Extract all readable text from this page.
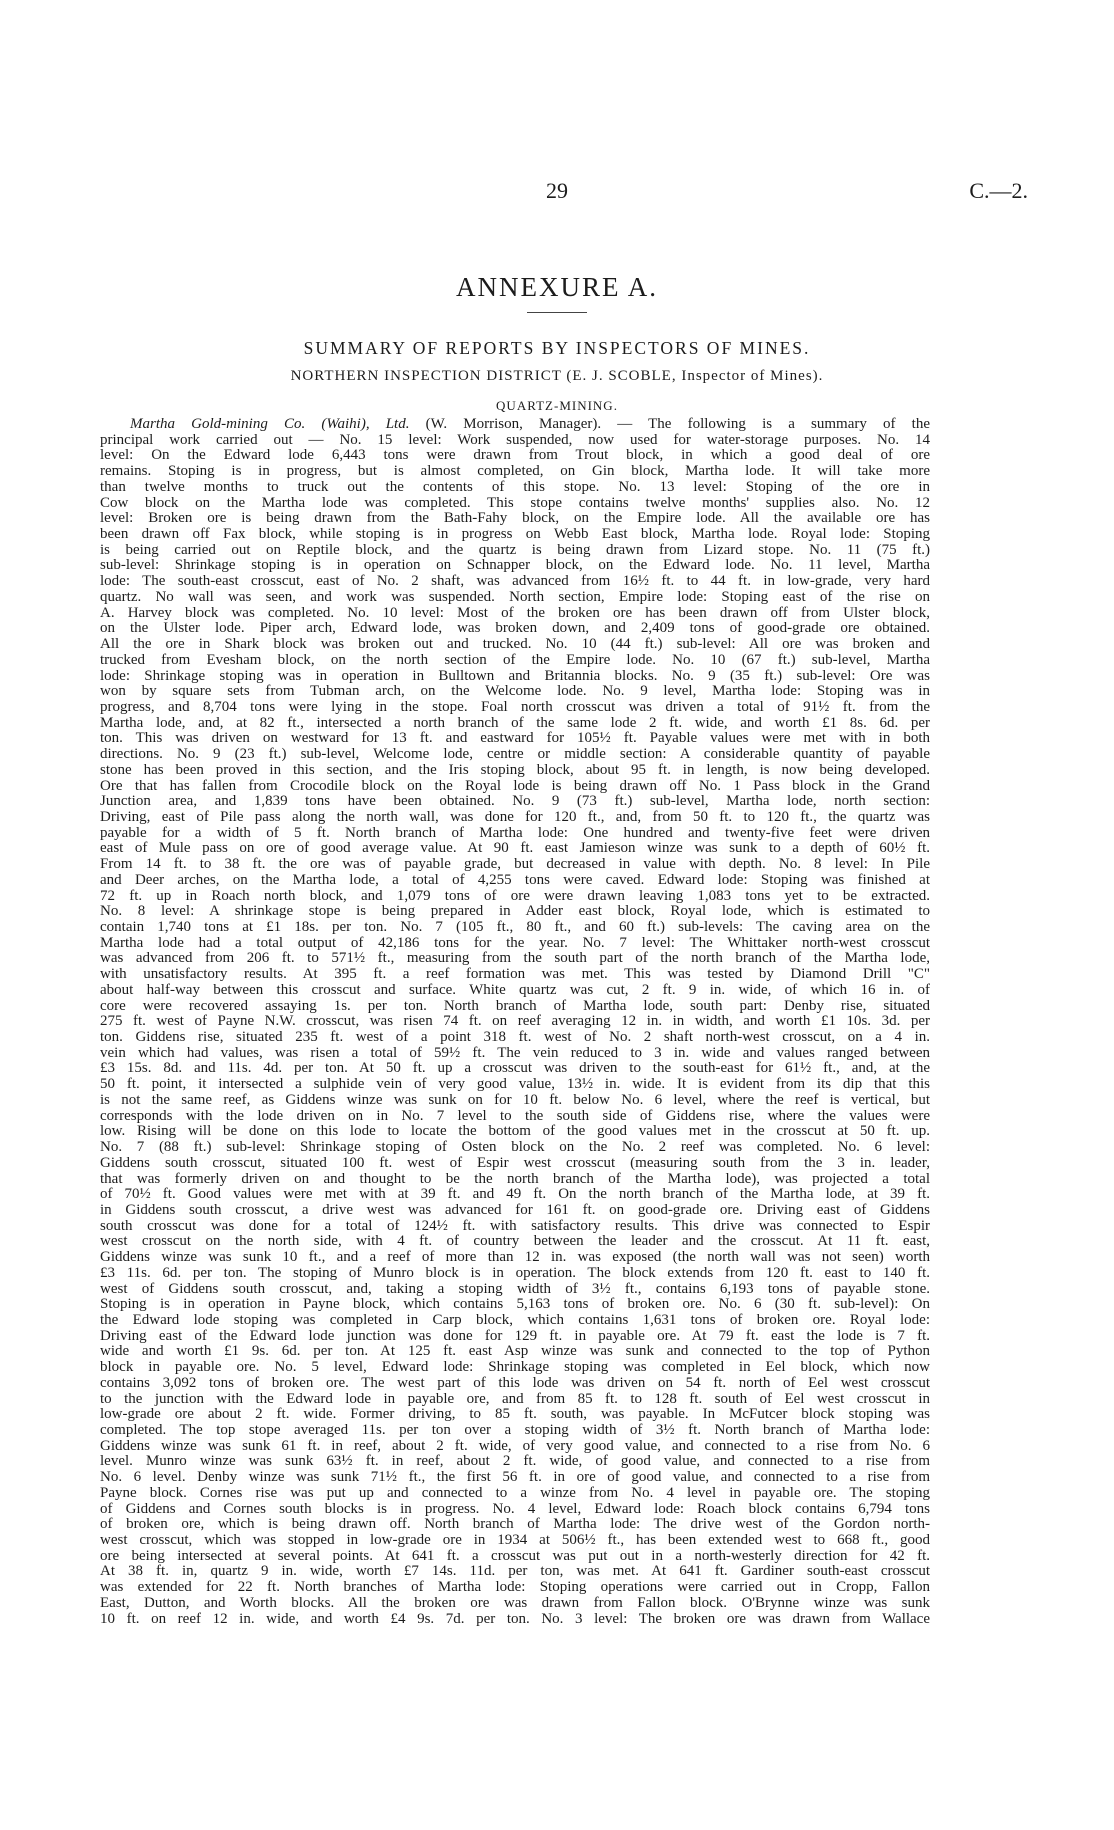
29	C.—2.
ANNEXURE A.
SUMMARY OF REPORTS BY INSPECTORS OF MINES.
NORTHERN INSPECTION DISTRICT (E. J. SCOBLE, Inspector of Mines).
QUARTZ-MINING.
Martha Gold-mining Co. (Waihi), Ltd. (W. Morrison, Manager). — The following is a summary of the
principal work carried out — No. 15 level: Work suspended, now used for water-storage purposes. No. 14
level: On the Edward lode 6,443 tons were drawn from Trout block, in which a good deal of ore
remains. Stoping is in progress, but is almost completed, on Gin block, Martha lode. It will take more
than twelve months to truck out the contents of this stope. No. 13 level: Stoping of the ore in
Cow block on the Martha lode was completed. This stope contains twelve months' supplies also. No. 12
level: Broken ore is being drawn from the Bath-Fahy block, on the Empire lode. All the available ore has
been drawn off Fax block, while stoping is in progress on Webb East block, Martha lode. Royal lode: Stoping
is being carried out on Reptile block, and the quartz is being drawn from Lizard stope. No. 11 (75 ft.)
sub-level: Shrinkage stoping is in operation on Schnapper block, on the Edward lode. No. 11 level, Martha
lode: The south-east crosscut, east of No. 2 shaft, was advanced from 16½ ft. to 44 ft. in low-grade, very hard
quartz. No wall was seen, and work was suspended. North section, Empire lode: Stoping east of the rise on
A. Harvey block was completed. No. 10 level: Most of the broken ore has been drawn off from Ulster block,
on the Ulster lode. Piper arch, Edward lode, was broken down, and 2,409 tons of good-grade ore obtained.
All the ore in Shark block was broken out and trucked. No. 10 (44 ft.) sub-level: All ore was broken and
trucked from Evesham block, on the north section of the Empire lode. No. 10 (67 ft.) sub-level, Martha
lode: Shrinkage stoping was in operation in Bulltown and Britannia blocks. No. 9 (35 ft.) sub-level: Ore was
won by square sets from Tubman arch, on the Welcome lode. No. 9 level, Martha lode: Stoping was in
progress, and 8,704 tons were lying in the stope. Foal north crosscut was driven a total of 91½ ft. from the
Martha lode, and, at 82 ft., intersected a north branch of the same lode 2 ft. wide, and worth £1 8s. 6d. per
ton. This was driven on westward for 13 ft. and eastward for 105½ ft. Payable values were met with in both
directions. No. 9 (23 ft.) sub-level, Welcome lode, centre or middle section: A considerable quantity of payable
stone has been proved in this section, and the Iris stoping block, about 95 ft. in length, is now being developed.
Ore that has fallen from Crocodile block on the Royal lode is being drawn off No. 1 Pass block in the Grand
Junction area, and 1,839 tons have been obtained. No. 9 (73 ft.) sub-level, Martha lode, north section:
Driving, east of Pile pass along the north wall, was done for 120 ft., and, from 50 ft. to 120 ft., the quartz was
payable for a width of 5 ft. North branch of Martha lode: One hundred and twenty-five feet were driven
east of Mule pass on ore of good average value. At 90 ft. east Jamieson winze was sunk to a depth of 60½ ft.
From 14 ft. to 38 ft. the ore was of payable grade, but decreased in value with depth. No. 8 level: In Pile
and Deer arches, on the Martha lode, a total of 4,255 tons were caved. Edward lode: Stoping was finished at
72 ft. up in Roach north block, and 1,079 tons of ore were drawn leaving 1,083 tons yet to be extracted.
No. 8 level: A shrinkage stope is being prepared in Adder east block, Royal lode, which is estimated to
contain 1,740 tons at £1 18s. per ton. No. 7 (105 ft., 80 ft., and 60 ft.) sub-levels: The caving area on the
Martha lode had a total output of 42,186 tons for the year. No. 7 level: The Whittaker north-west crosscut
was advanced from 206 ft. to 571½ ft., measuring from the south part of the north branch of the Martha lode,
with unsatisfactory results. At 395 ft. a reef formation was met. This was tested by Diamond Drill "C"
about half-way between this crosscut and surface. White quartz was cut, 2 ft. 9 in. wide, of which 16 in. of
core were recovered assaying 1s. per ton. North branch of Martha lode, south part: Denby rise, situated
275 ft. west of Payne N.W. crosscut, was risen 74 ft. on reef averaging 12 in. in width, and worth £1 10s. 3d. per
ton. Giddens rise, situated 235 ft. west of a point 318 ft. west of No. 2 shaft north-west crosscut, on a 4 in.
vein which had values, was risen a total of 59½ ft. The vein reduced to 3 in. wide and values ranged between
£3 15s. 8d. and 11s. 4d. per ton. At 50 ft. up a crosscut was driven to the south-east for 61½ ft., and, at the
50 ft. point, it intersected a sulphide vein of very good value, 13½ in. wide. It is evident from its dip that this
is not the same reef, as Giddens winze was sunk on for 10 ft. below No. 6 level, where the reef is vertical, but
corresponds with the lode driven on in No. 7 level to the south side of Giddens rise, where the values were
low. Rising will be done on this lode to locate the bottom of the good values met in the crosscut at 50 ft. up.
No. 7 (88 ft.) sub-level: Shrinkage stoping of Osten block on the No. 2 reef was completed. No. 6 level:
Giddens south crosscut, situated 100 ft. west of Espir west crosscut (measuring south from the 3 in. leader,
that was formerly driven on and thought to be the north branch of the Martha lode), was projected a total
of 70½ ft. Good values were met with at 39 ft. and 49 ft. On the north branch of the Martha lode, at 39 ft.
in Giddens south crosscut, a drive west was advanced for 161 ft. on good-grade ore. Driving east of Giddens
south crosscut was done for a total of 124½ ft. with satisfactory results. This drive was connected to Espir
west crosscut on the north side, with 4 ft. of country between the leader and the crosscut. At 11 ft. east,
Giddens winze was sunk 10 ft., and a reef of more than 12 in. was exposed (the north wall was not seen) worth
£3 11s. 6d. per ton. The stoping of Munro block is in operation. The block extends from 120 ft. east to 140 ft.
west of Giddens south crosscut, and, taking a stoping width of 3½ ft., contains 6,193 tons of payable stone.
Stoping is in operation in Payne block, which contains 5,163 tons of broken ore. No. 6 (30 ft. sub-level): On
the Edward lode stoping was completed in Carp block, which contains 1,631 tons of broken ore. Royal lode:
Driving east of the Edward lode junction was done for 129 ft. in payable ore. At 79 ft. east the lode is 7 ft.
wide and worth £1 9s. 6d. per ton. At 125 ft. east Asp winze was sunk and connected to the top of Python
block in payable ore. No. 5 level, Edward lode: Shrinkage stoping was completed in Eel block, which now
contains 3,092 tons of broken ore. The west part of this lode was driven on 54 ft. north of Eel west crosscut
to the junction with the Edward lode in payable ore, and from 85 ft. to 128 ft. south of Eel west crosscut in
low-grade ore about 2 ft. wide. Former driving, to 85 ft. south, was payable. In McFutcer block stoping was
completed. The top stope averaged 11s. per ton over a stoping width of 3½ ft. North branch of Martha lode:
Giddens winze was sunk 61 ft. in reef, about 2 ft. wide, of very good value, and connected to a rise from No. 6
level. Munro winze was sunk 63½ ft. in reef, about 2 ft. wide, of good value, and connected to a rise from
No. 6 level. Denby winze was sunk 71½ ft., the first 56 ft. in ore of good value, and connected to a rise from
Payne block. Cornes rise was put up and connected to a winze from No. 4 level in payable ore. The stoping
of Giddens and Cornes south blocks is in progress. No. 4 level, Edward lode: Roach block contains 6,794 tons
of broken ore, which is being drawn off. North branch of Martha lode: The drive west of the Gordon north-
west crosscut, which was stopped in low-grade ore in 1934 at 506½ ft., has been extended west to 668 ft., good
ore being intersected at several points. At 641 ft. a crosscut was put out in a north-westerly direction for 42 ft.
At 38 ft. in, quartz 9 in. wide, worth £7 14s. 11d. per ton, was met. At 641 ft. Gardiner south-east crosscut
was extended for 22 ft. North branches of Martha lode: Stoping operations were carried out in Cropp, Fallon
East, Dutton, and Worth blocks. All the broken ore was drawn from Fallon block. O'Brynne winze was sunk
10 ft. on reef 12 in. wide, and worth £4 9s. 7d. per ton. No. 3 level: The broken ore was drawn from Wallace
